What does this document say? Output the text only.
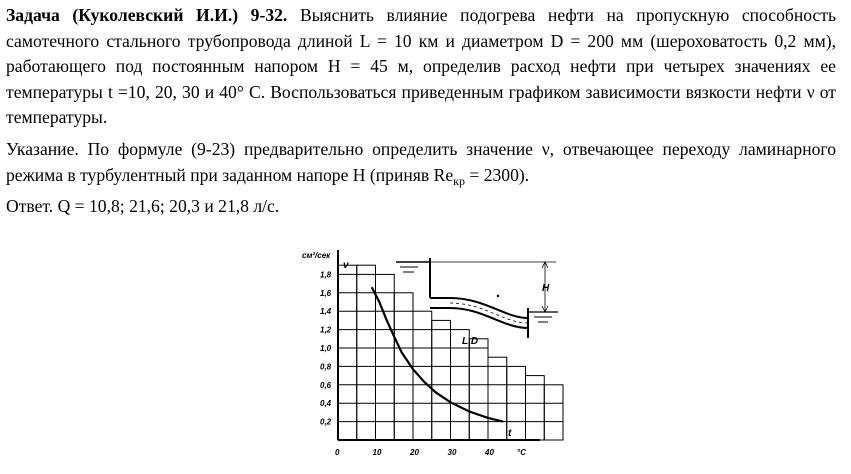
Задача (Куколевский И.И.) 9-32. Выяснить влияние подогрева нефти на пропускную способность самотечного стального трубопровода длиной L = 10 км и диаметром D = 200 мм (шероховатость 0,2 мм), работающего под постоянным напором H = 45 м, определив расход нефти при четырех значениях ее температуры t =10, 20, 30 и 40° С. Воспользоваться приведенным графиком зависимости вязкости нефти ν от температуры.

Указание. По формуле (9-23) предварительно определить значение ν, отвечающее переходу ламинарного режима в турбулентный при заданном напоре H (приняв $Re_{кр} = 2300$).

Ответ. Q = 10,8; 21,6; 20,3 и 21,8 л/с.

0,2
0,4
0,6
0,8
1,0
1,2
1,4
1,6
1,8
0	10	20	30	40
см²/сек
ν
t
°C
H
L,D
